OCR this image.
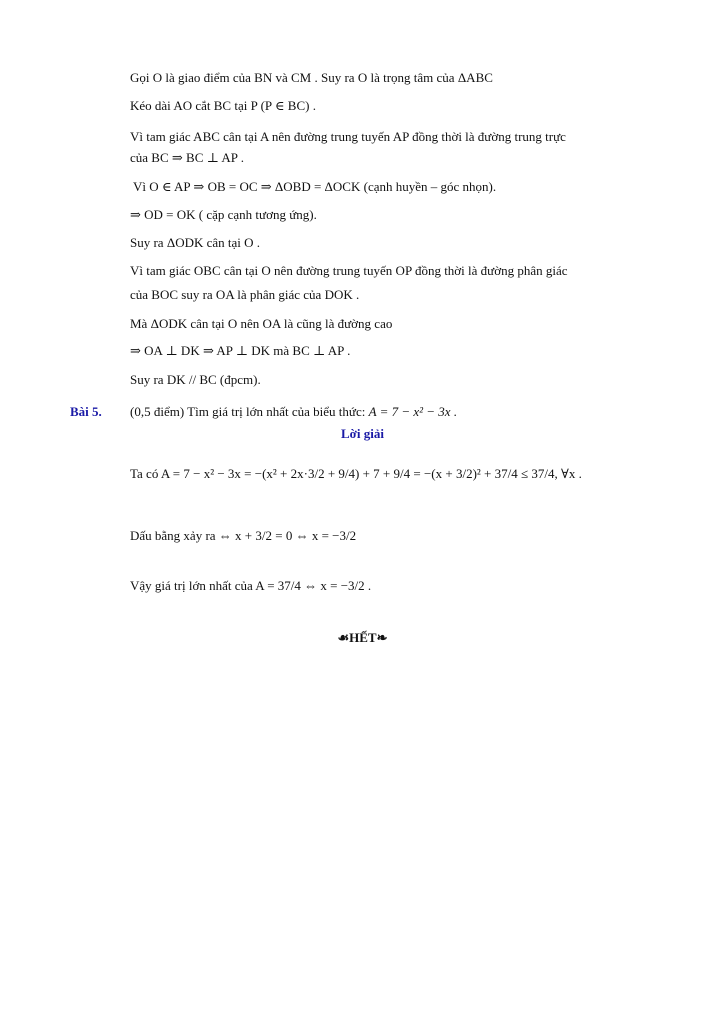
Gọi O là giao điểm của BN và CM . Suy ra O là trọng tâm của ΔABC
Kéo dài AO cắt BC tại P (P ∈ BC) .
Vì tam giác ABC cân tại A nên đường trung tuyến AP đồng thời là đường trung trực
của BC ⇒ BC ⊥ AP .
Vì O ∈ AP ⇒ OB = OC ⇒ ΔOBD = ΔOCK (cạnh huyền – góc nhọn).
⇒ OD = OK ( cặp cạnh tương ứng).
Suy ra ΔODK cân tại O .
Vì tam giác OBC cân tại O nên đường trung tuyến OP đồng thời là đường phân giác
của BOC suy ra OA là phân giác của DOK .
Mà ΔODK cân tại O nên OA là cũng là đường cao
⇒ OA ⊥ DK ⇒ AP ⊥ DK mà BC ⊥ AP .
Suy ra DK // BC (đpcm).
Bài 5. (0,5 điểm) Tìm giá trị lớn nhất của biểu thức: A = 7 − x² − 3x .
Lời giải
Ta có A = 7 − x² − 3x = −(x² + 2x·3/2 + 9/4) + 7 + 9/4 = −(x + 3/2)² + 37/4 ≤ 37/4, ∀x .
Dấu bằng xảy ra ⇔ x + 3/2 = 0 ⇔ x = −3/2
Vậy giá trị lớn nhất của A = 37/4 ⇔ x = −3/2 .
☙HẾT❧
